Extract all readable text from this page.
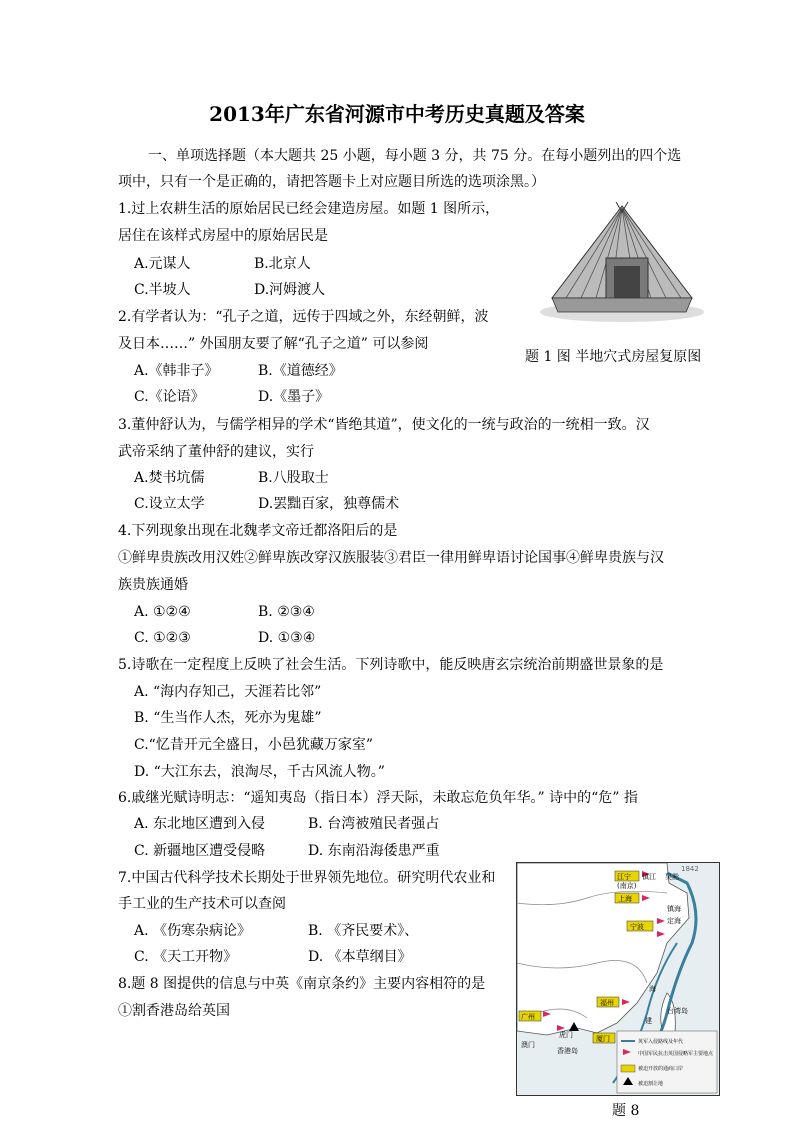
2013年广东省河源市中考历史真题及答案
一、单项选择题（本大题共 25 小题，每小题 3 分，共 75 分。在每小题列出的四个选
项中，只有一个是正确的，请把答题卡上对应题目所选的选项涂黑。）
1.过上农耕生活的原始居民已经会建造房屋。如题 1 图所示，
居住在该样式房屋中的原始居民是
A.元谋人	B.北京人
C.半坡人	D.河姆渡人
题 1 图 半地穴式房屋复原图
2.有学者认为：“孔子之道，远传于四域之外，东经朝鲜，波
及日本……” 外国朋友要了解“孔子之道” 可以参阅
A.《韩非子》	B.《道德经》
C.《论语》	D.《墨子》
3.董仲舒认为，与儒学相异的学术“皆绝其道”，使文化的一统与政治的一统相一致。汉
武帝采纳了董仲舒的建议，实行
A.焚书坑儒	B.八股取士
C.设立太学	D.罢黜百家，独尊儒术
4.下列现象出现在北魏孝文帝迁都洛阳后的是
①鲜卑贵族改用汉姓②鲜卑族改穿汉族服装③君臣一律用鲜卑语讨论国事④鲜卑贵族与汉
族贵族通婚
A. ①②④	B. ②③④
C. ①②③	D. ①③④
5.诗歌在一定程度上反映了社会生活。下列诗歌中，能反映唐玄宗统治前期盛世景象的是
A. “海内存知己，天涯若比邻”
B. “生当作人杰，死亦为鬼雄”
C.“忆昔开元全盛日，小邑犹藏万家室”
D. “大江东去，浪淘尽，千古风流人物。”
6.戚继光赋诗明志：“遥知夷岛（指日本）浮天际，未敢忘危负年华。” 诗中的“危” 指
A. 东北地区遭到入侵	B. 台湾被殖民者强占
C. 新疆地区遭受侵略	D. 东南沿海倭患严重
7.中国古代科学技术长期处于世界领先地位。研究明代农业和
手工业的生产技术可以查阅
A. 《伤寒杂病论》	B. 《齐民要术》、
C. 《天工开物》	D. 《本草纲目》
8.题 8 图提供的信息与中英《南京条约》主要内容相符的是
①割香港岛给英国
江宁
(南京)
镇江 吴淞
1842
上海
镇海
定海
宁波
福州
海
厦门
台湾岛
建
广州
虎门
澳门
香港岛
英军入侵路线及年代
中国军民抗击英国侵略军主要地点
被迫开放的通商口岸
被迫割让地
题 8
